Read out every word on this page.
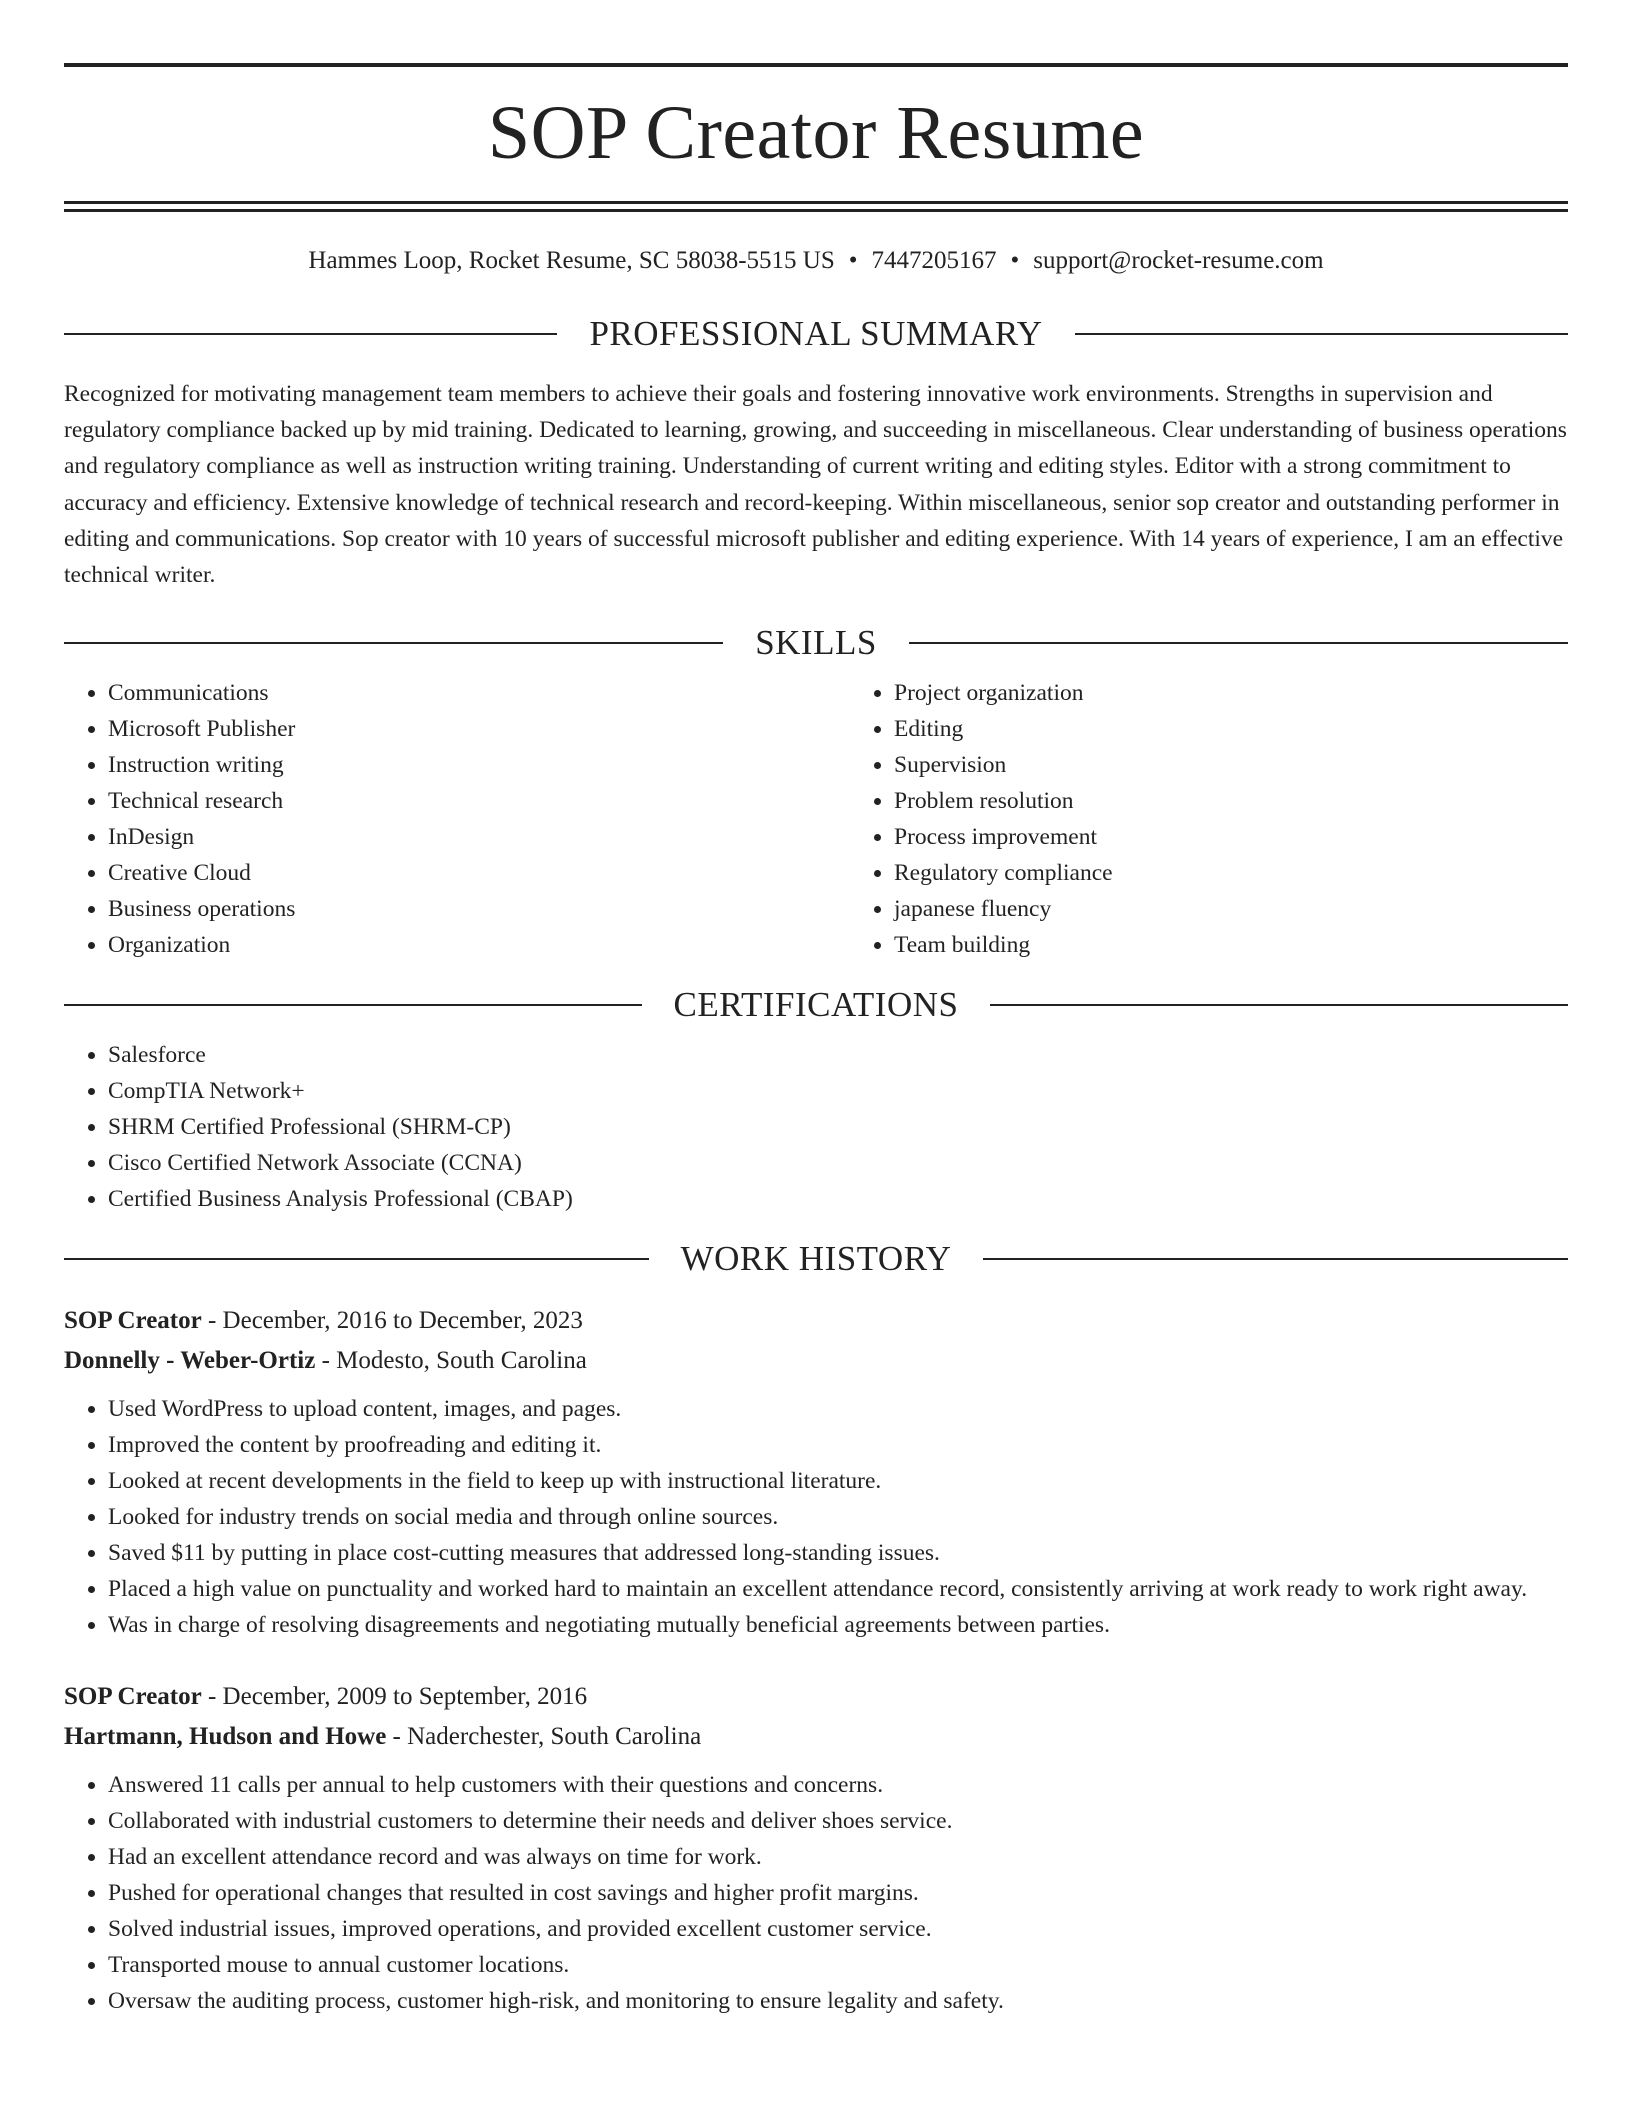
SOP Creator Resume
Hammes Loop, Rocket Resume, SC 58038-5515 US • 7447205167 • support@rocket-resume.com
PROFESSIONAL SUMMARY
Recognized for motivating management team members to achieve their goals and fostering innovative work environments. Strengths in supervision and regulatory compliance backed up by mid training. Dedicated to learning, growing, and succeeding in miscellaneous. Clear understanding of business operations and regulatory compliance as well as instruction writing training. Understanding of current writing and editing styles. Editor with a strong commitment to accuracy and efficiency. Extensive knowledge of technical research and record-keeping. Within miscellaneous, senior sop creator and outstanding performer in editing and communications. Sop creator with 10 years of successful microsoft publisher and editing experience. With 14 years of experience, I am an effective technical writer.
SKILLS
• Communications
• Microsoft Publisher
• Instruction writing
• Technical research
• InDesign
• Creative Cloud
• Business operations
• Organization
• Project organization
• Editing
• Supervision
• Problem resolution
• Process improvement
• Regulatory compliance
• japanese fluency
• Team building
CERTIFICATIONS
• Salesforce
• CompTIA Network+
• SHRM Certified Professional (SHRM-CP)
• Cisco Certified Network Associate (CCNA)
• Certified Business Analysis Professional (CBAP)
WORK HISTORY
SOP Creator - December, 2016 to December, 2023
Donnelly - Weber-Ortiz - Modesto, South Carolina
• Used WordPress to upload content, images, and pages.
• Improved the content by proofreading and editing it.
• Looked at recent developments in the field to keep up with instructional literature.
• Looked for industry trends on social media and through online sources.
• Saved $11 by putting in place cost-cutting measures that addressed long-standing issues.
• Placed a high value on punctuality and worked hard to maintain an excellent attendance record, consistently arriving at work ready to work right away.
• Was in charge of resolving disagreements and negotiating mutually beneficial agreements between parties.
SOP Creator - December, 2009 to September, 2016
Hartmann, Hudson and Howe - Naderchester, South Carolina
• Answered 11 calls per annual to help customers with their questions and concerns.
• Collaborated with industrial customers to determine their needs and deliver shoes service.
• Had an excellent attendance record and was always on time for work.
• Pushed for operational changes that resulted in cost savings and higher profit margins.
• Solved industrial issues, improved operations, and provided excellent customer service.
• Transported mouse to annual customer locations.
• Oversaw the auditing process, customer high-risk, and monitoring to ensure legality and safety.
